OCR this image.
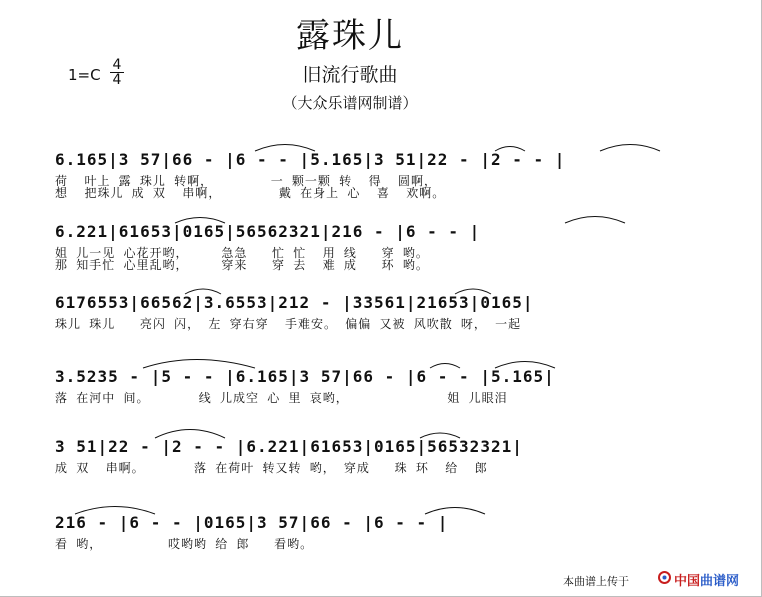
露珠儿
旧流行歌曲
（大众乐谱网制谱）
$1=C \frac{4}{4}$
6.165|3 57|66 - |6 - - |5.165|3 51|22 - |2 - - |
荷  叶上 露 珠儿 转啊，       一 颗一颗 转  得  圆啊，
想  把珠儿 成 双  串啊，       戴 在身上 心  喜  欢啊。
6.221|61653|0165|56562321|216 - |6 - - |
姐 儿一见 心花开哟，    急急   忙 忙  用 线   穿 哟。
那 知手忙 心里乱哟，    穿来   穿 去  难 成   环 哟。
6176553|66562|3.6553|212 - |33561|21653|0165|
珠儿 珠儿   亮闪 闪， 左 穿右穿  手难安。 偏偏 又被 风吹散 呀， 一起
3.5235 - |5 - - |6.165|3 57|66 - |6 - - |5.165|
落 在河中 间。      线 儿成空 心 里 哀哟，            姐 儿眼泪
3 51|22 - |2 - - |6.221|61653|0165|56532321|
成 双  串啊。      落 在荷叶 转又转 哟， 穿成   珠 环  给  郎
216 - |6 - - |0165|3 57|66 - |6 - - |
看 哟，        哎哟哟 给 郎   看哟。
本曲谱上传于	中国曲谱网
